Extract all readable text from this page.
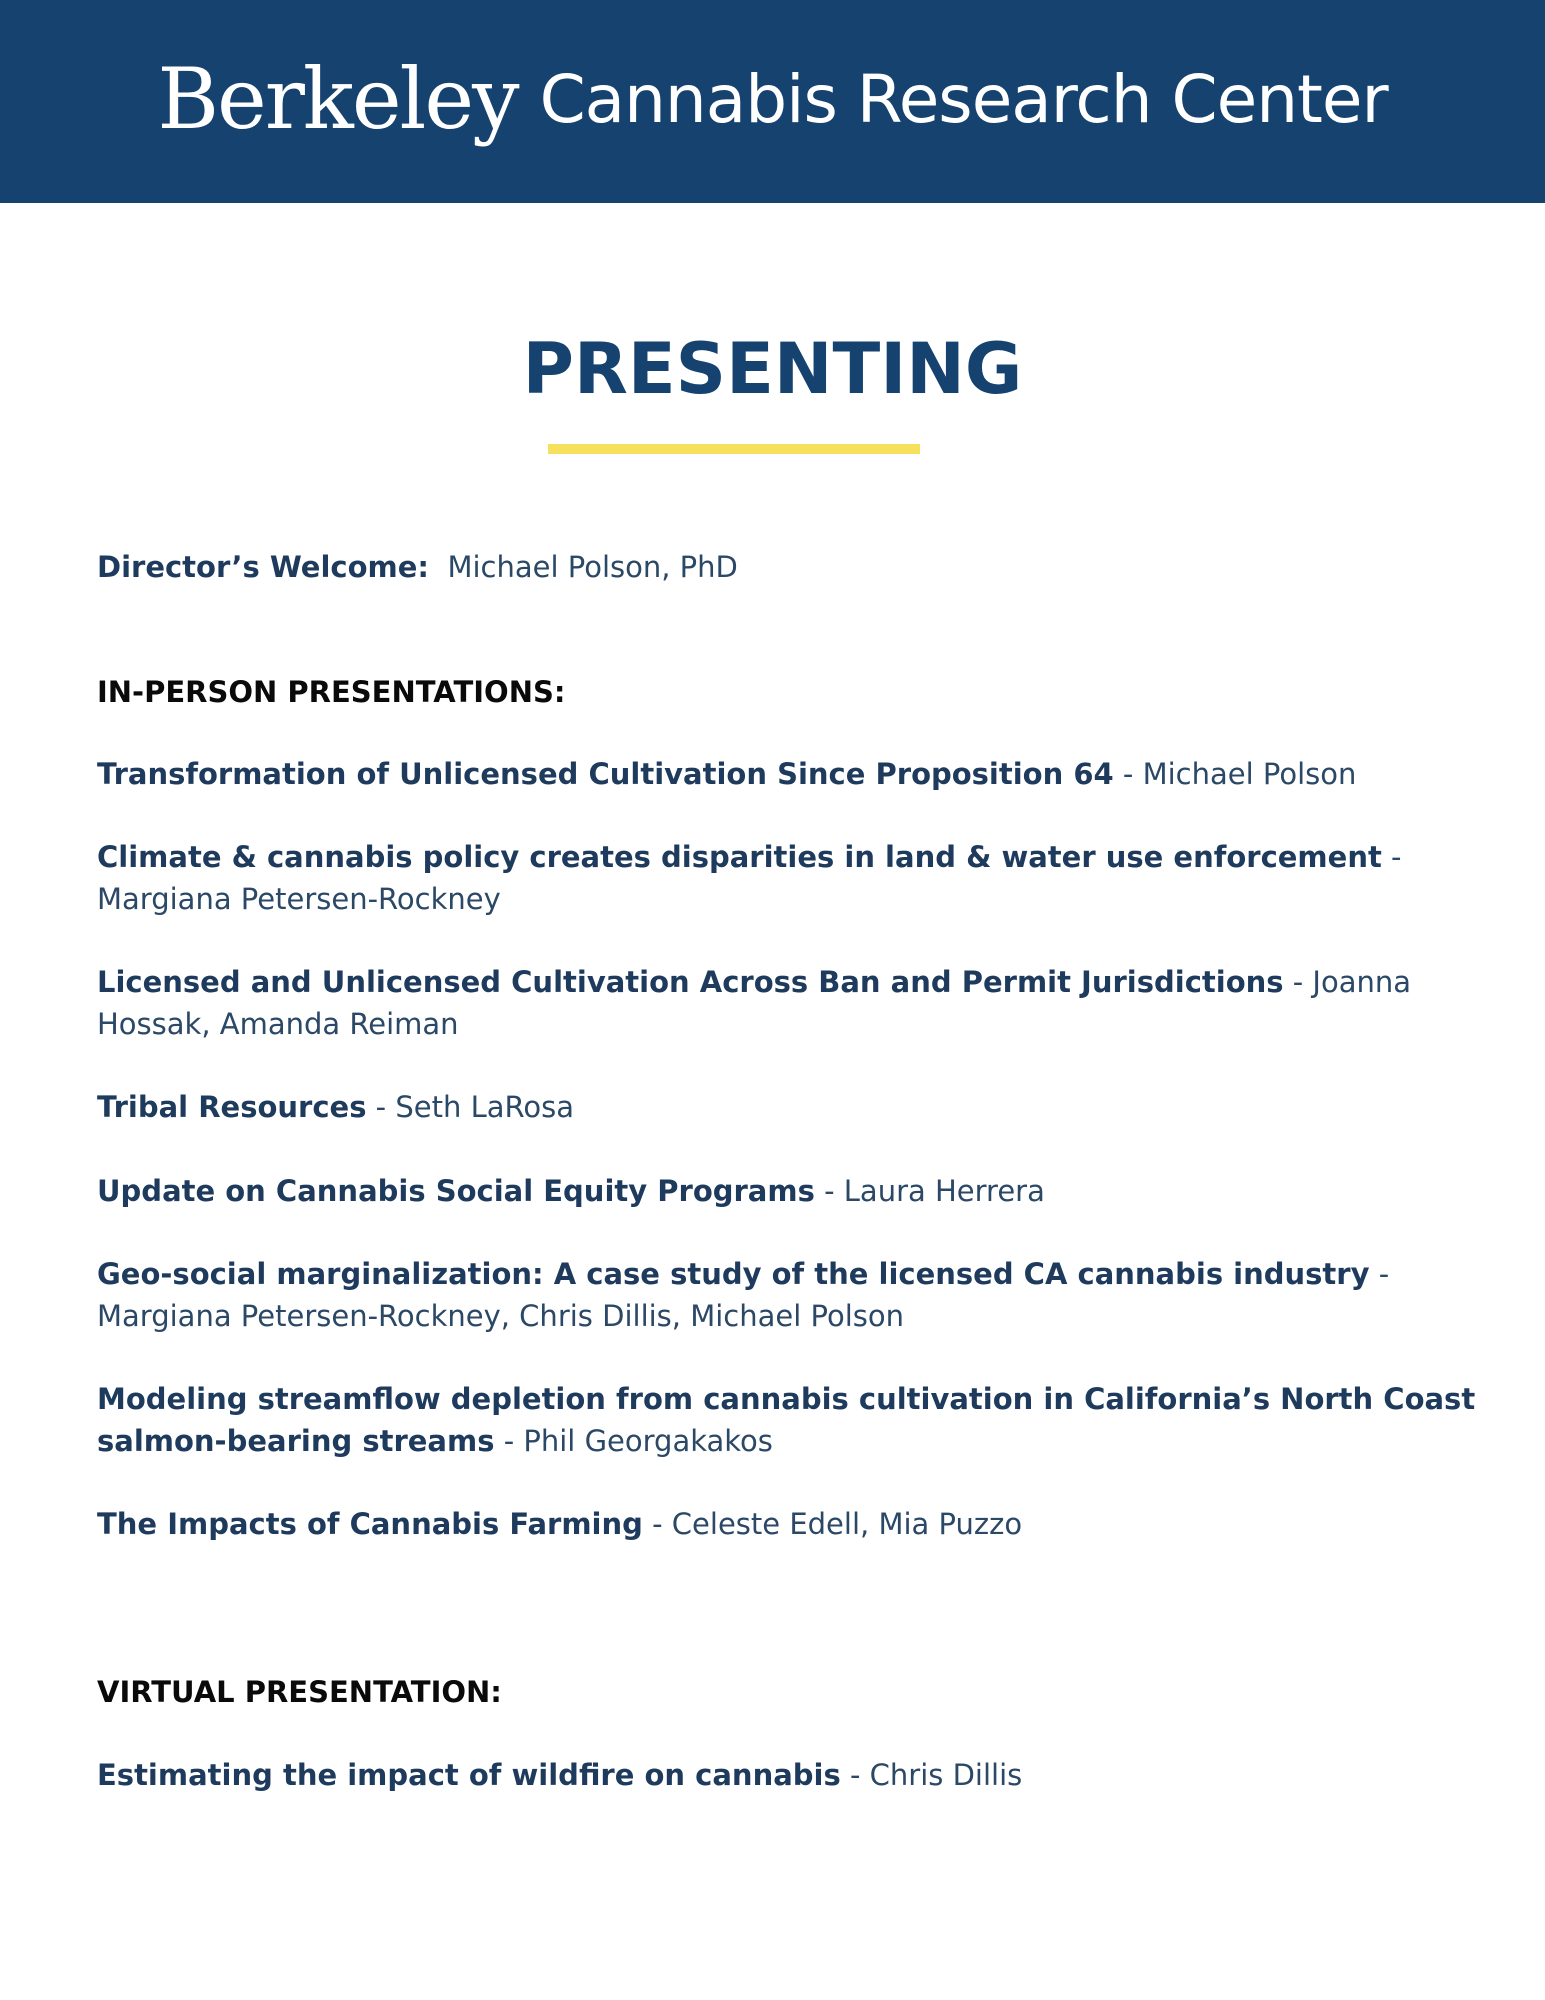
Berkeley Cannabis Research Center
PRESENTING
Director’s Welcome: Michael Polson, PhD
IN-PERSON PRESENTATIONS:
Transformation of Unlicensed Cultivation Since Proposition 64 - Michael Polson
Climate & cannabis policy creates disparities in land & water use enforcement - Margiana Petersen-Rockney
Licensed and Unlicensed Cultivation Across Ban and Permit Jurisdictions - Joanna Hossak, Amanda Reiman
Tribal Resources - Seth LaRosa
Update on Cannabis Social Equity Programs - Laura Herrera
Geo-social marginalization: A case study of the licensed CA cannabis industry - Margiana Petersen-Rockney, Chris Dillis, Michael Polson
Modeling streamflow depletion from cannabis cultivation in California’s North Coast salmon-bearing streams - Phil Georgakakos
The Impacts of Cannabis Farming - Celeste Edell, Mia Puzzo
VIRTUAL PRESENTATION:
Estimating the impact of wildfire on cannabis - Chris Dillis
